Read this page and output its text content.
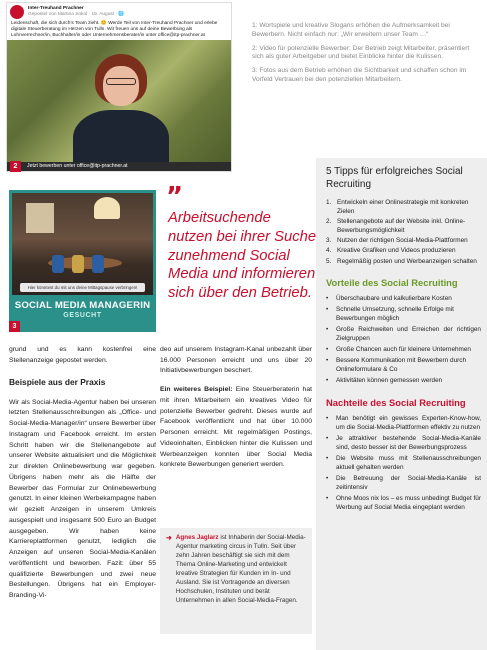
Inter-Treuhand Prachner
Gepostet von Martina Sokol · 19. August · 🌐
Leidenschaft, die sich durch's Team zieht. 😊 Werde Teil von Inter-Treuhand Prachner und erlebe digitale Steuerberatung im Herzen von Tulln. Wir freuen uns auf deine Bewerbung als Lohnverrechner/in, Buchhalter/in oder Unternehmensberater/in unter office@itp-prachner.at
Jetzt bewerben unter office@itp-prachner.at
2

1: Wortspiele und kreative Slogans erhöhen die Aufmerksamkeit bei Bewerbern. Nicht einfach nur: „Wir erweitern unser Team …“

2: Video für potenzielle Bewerber: Der Betrieb zeigt Mitarbeiter, präsentiert sich als guter Arbeitgeber und bietet Einblicke hinter die Kulissen.

3: Fotos aus dem Betrieb erhöhen die Sichtbarkeit und schaffen schon im Vorfeld Vertrauen bei den potenziellen Mitarbeitern.

Hier könntest du mit uns deine Mittagspause verbringen!
SOCIAL MEDIA MANAGERIN
GESUCHT
3
”
Arbeitsuchende nutzen bei ihrer Suche zunehmend Social Media und informieren sich über den Betrieb.
5 Tipps für erfolgreiches Social Recruiting
1. Entwickeln einer Onlinestrategie mit konkreten Zielen
2. Stellenangebote auf der Website inkl. Online-Bewerbungsmöglichkeit
3. Nutzen der richtigen Social-Media-Plattformen
4. Kreative Grafiken und Videos produzieren
5. Regelmäßig posten und Werbeanzeigen schalten
Vorteile des Social Recruiting
•	Überschaubare und kalkulierbare Kosten
•	Schnelle Umsetzung, schnelle Erfolge mit Bewerbungen möglich
•	Große Reichweiten und Erreichen der richtigen Zielgruppen
•	Große Chancen auch für kleinere Unternehmen
•	Bessere Kommunikation mit Bewerbern durch Onlineformulare & Co
•	Aktivitäten können gemessen werden
Nachteile des Social Recruiting
•	Man benötigt ein gewisses Experten-Know-how, um die Social-Media-Plattformen effektiv zu nutzen
•	Je attraktiver bestehende Social-Media-Kanäle sind, desto besser ist der Bewerbungsprozess
•	Die Website muss mit Stellenausschreibungen aktuell gehalten werden
•	Die Betreuung der Social-Media-Kanäle ist zeitintensiv
•	Ohne Moos nix los – es muss unbedingt Budget für Werbung auf Social Media eingeplant werden

grund und es kann kostenfrei eine Stellenanzeige gepostet werden.

Beispiele aus der Praxis

Wir als Social-Media-Agentur haben bei unseren letzten Stellenausschreibungen als „Office- und Social-Media-Manager/in“ unsere Bewerber über Instagram und Facebook erreicht. Im ersten Schritt haben wir die Stellenangebote auf unserer Website aktualisiert und die Möglichkeit zur direkten Onlinebewerbung war gegeben. Übrigens haben mehr als die Hälfte der Bewerber das Formular zur Onlinebewerbung genutzt. In einer kleinen Werbekampagne haben wir gezielt Anzeigen in unserem Umkreis ausgespielt und insgesamt 500 Euro an Budget ausgegeben. Wir haben keine Karriereplattformen genutzt, lediglich die Anzeigen auf unseren Social-Media-Kanälen veröffentlicht und beworben. Fazit: über 55 qualifizierte Bewerbungen und zwei neue Bestellungen. Übrigens hat ein Employer-Branding-Vi-

deo auf unserem Instagram-Kanal unbezahlt über 16.000 Personen erreicht und uns über 20 Initiativbewerbungen beschert.

Ein weiteres Beispiel: Eine Steuerberaterin hat mit ihren Mitarbeitern ein kreatives Video für potenzielle Bewerber gedreht. Dieses wurde auf Facebook veröffentlicht und hat über 10.000 Personen erreicht. Mit regelmäßigen Postings, Videoinhalten, Einblicken hinter die Kulissen und Werbeanzeigen konnten über Social Media konkrete Bewerbungen generiert werden.

➜ Agnes Jaglarz ist Inhaberin der Social-Media-Agentur marketing circus in Tulln. Seit über zehn Jahren beschäftigt sie sich mit dem Thema Online-Marketing und entwickelt kreative Strategien für Kunden im In- und Ausland. Sie ist Vortragende an diversen Hochschulen, Instituten und berät Unternehmen in allen Social-Media-Fragen.
